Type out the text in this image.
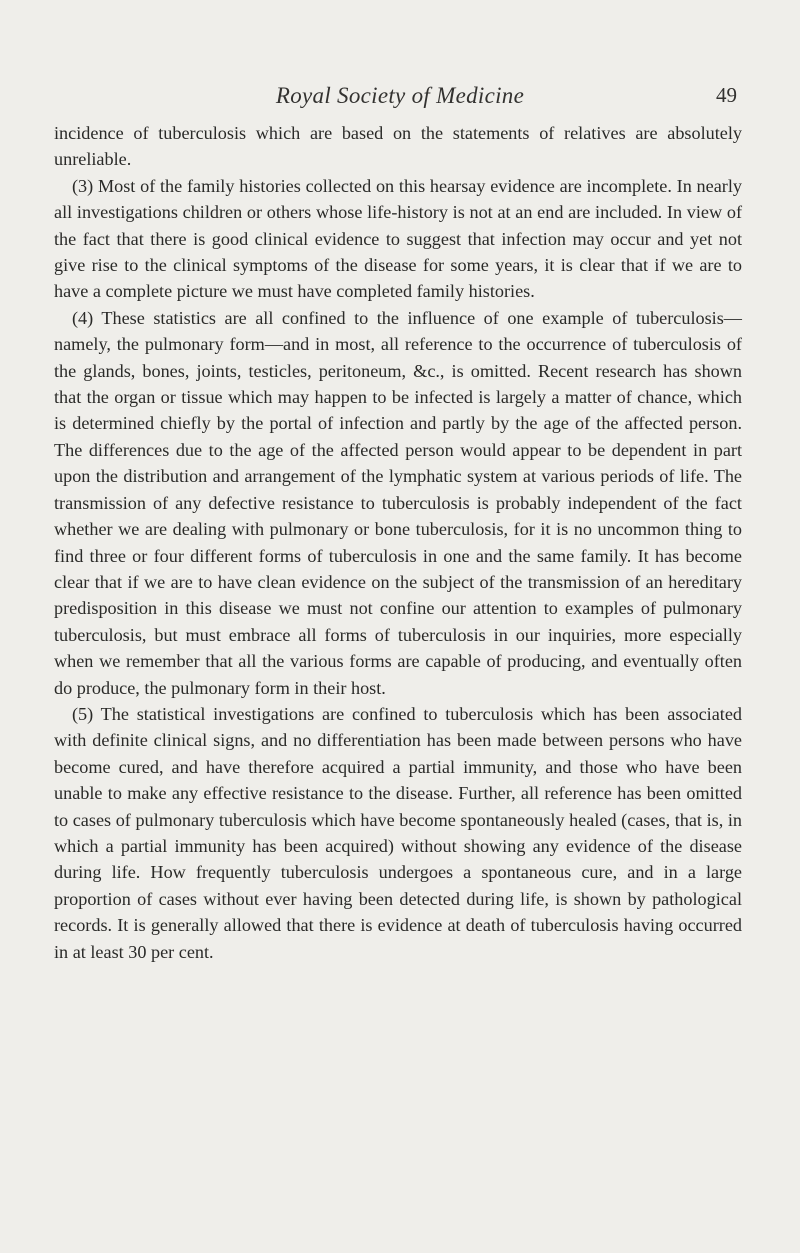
Royal Society of Medicine	49

incidence of tuberculosis which are based on the statements of relatives are absolutely unreliable.

(3) Most of the family histories collected on this hearsay evidence are incomplete. In nearly all investigations children or others whose life-history is not at an end are included. In view of the fact that there is good clinical evidence to suggest that infection may occur and yet not give rise to the clinical symptoms of the disease for some years, it is clear that if we are to have a complete picture we must have completed family histories.

(4) These statistics are all confined to the influence of one example of tuberculosis—namely, the pulmonary form—and in most, all reference to the occurrence of tuberculosis of the glands, bones, joints, testicles, peritoneum, &c., is omitted. Recent research has shown that the organ or tissue which may happen to be infected is largely a matter of chance, which is determined chiefly by the portal of infection and partly by the age of the affected person. The differences due to the age of the affected person would appear to be dependent in part upon the distribution and arrangement of the lymphatic system at various periods of life. The transmission of any defective resistance to tuberculosis is probably independent of the fact whether we are dealing with pulmonary or bone tuberculosis, for it is no uncommon thing to find three or four different forms of tuberculosis in one and the same family. It has become clear that if we are to have clean evidence on the subject of the transmission of an hereditary predisposition in this disease we must not confine our attention to examples of pulmonary tuberculosis, but must embrace all forms of tuberculosis in our inquiries, more especially when we remember that all the various forms are capable of producing, and eventually often do produce, the pulmonary form in their host.

(5) The statistical investigations are confined to tuberculosis which has been associated with definite clinical signs, and no differentiation has been made between persons who have become cured, and have therefore acquired a partial immunity, and those who have been unable to make any effective resistance to the disease. Further, all reference has been omitted to cases of pulmonary tuberculosis which have become spontaneously healed (cases, that is, in which a partial immunity has been acquired) without showing any evidence of the disease during life. How frequently tuberculosis undergoes a spontaneous cure, and in a large proportion of cases without ever having been detected during life, is shown by pathological records. It is generally allowed that there is evidence at death of tuberculosis having occurred in at least 30 per cent.
